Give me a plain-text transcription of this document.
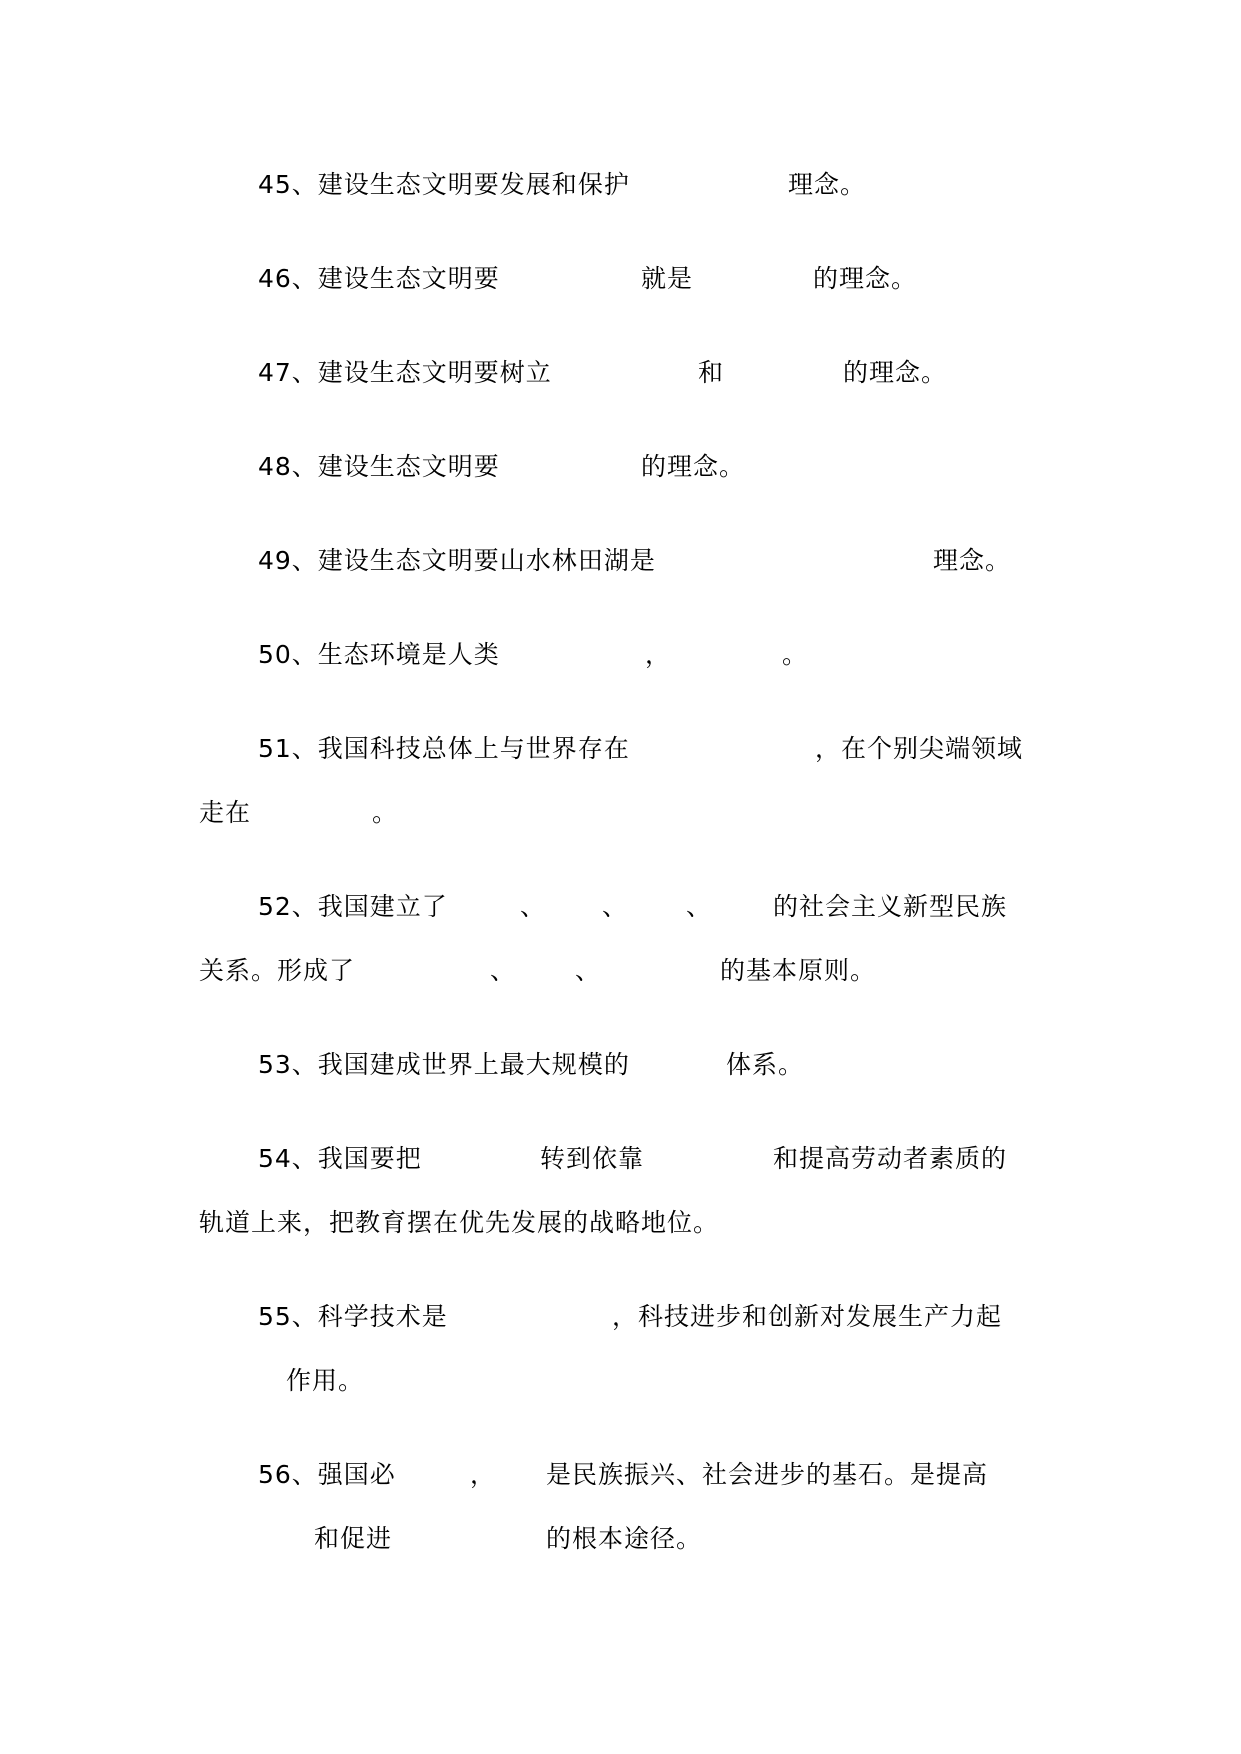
45、建设生态文明要发展和保护	理念。
46、建设生态文明要	就是	的理念。
47、建设生态文明要树立	和	的理念。
48、建设生态文明要	的理念。
49、建设生态文明要山水林田湖是	理念。
50、生态环境是人类	，	。
51、我国科技总体上与世界存在	，在个别尖端领域
走在	。
52、我国建立了	、 、 、 的社会主义新型民族
关系。形成了	、 、	的基本原则。
53、我国建成世界上最大规模的	体系。
54、我国要把	转到依靠	和提高劳动者素质的
轨道上来，把教育摆在优先发展的战略地位。
55、科学技术是	，科技进步和创新对发展生产力起
作用。
56、强国必	， 是民族振兴、社会进步的基石。是提高
和促进	的根本途径。
